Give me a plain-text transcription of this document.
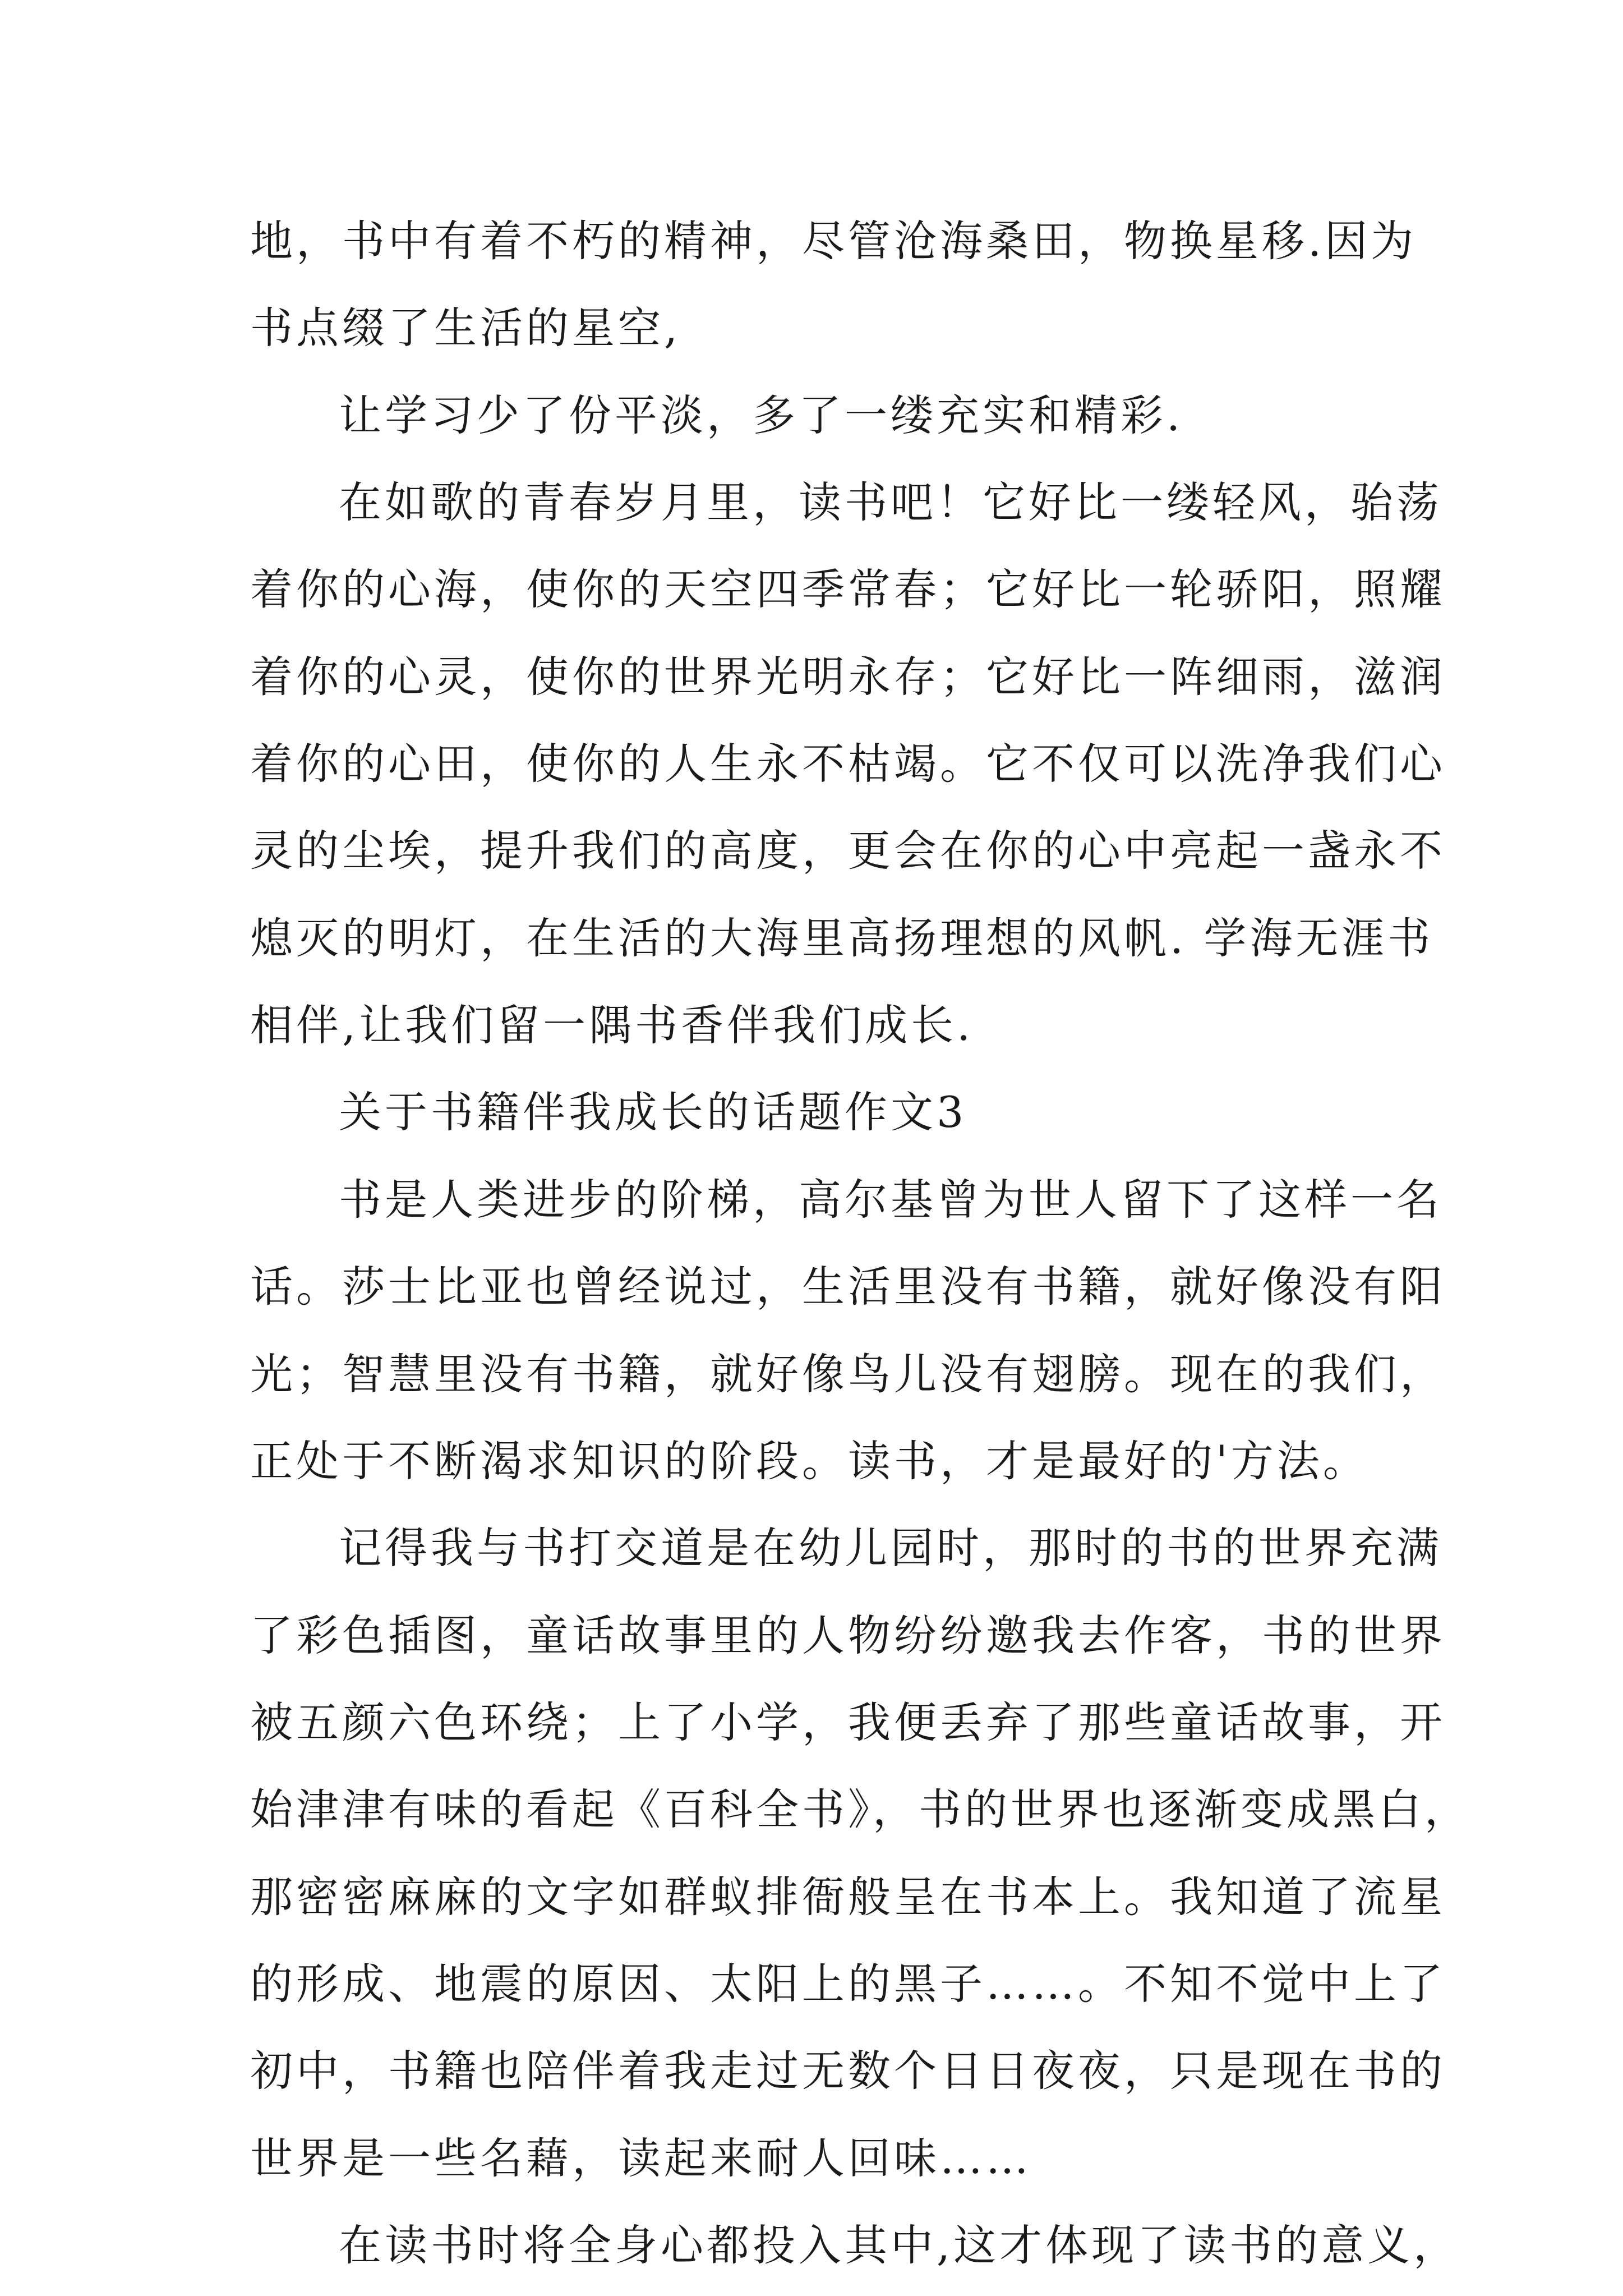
地，书中有着不朽的精神，尽管沧海桑田，物换星移.因为
书点缀了生活的星空,
让学习少了份平淡，多了一缕充实和精彩.
在如歌的青春岁月里，读书吧！它好比一缕轻风，骀荡
着你的心海，使你的天空四季常春；它好比一轮骄阳，照耀
着你的心灵，使你的世界光明永存；它好比一阵细雨，滋润
着你的心田，使你的人生永不枯竭。它不仅可以洗净我们心
灵的尘埃，提升我们的高度，更会在你的心中亮起一盏永不
熄灭的明灯，在生活的大海里高扬理想的风帆. 学海无涯书
相伴,让我们留一隅书香伴我们成长.
关于书籍伴我成长的话题作文3
书是人类进步的阶梯，高尔基曾为世人留下了这样一名
话。莎士比亚也曾经说过，生活里没有书籍，就好像没有阳
光；智慧里没有书籍，就好像鸟儿没有翅膀。现在的我们，
正处于不断渴求知识的阶段。读书，才是最好的'方法。
记得我与书打交道是在幼儿园时，那时的书的世界充满
了彩色插图，童话故事里的人物纷纷邀我去作客，书的世界
被五颜六色环绕；上了小学，我便丢弃了那些童话故事，开
始津津有味的看起《百科全书》，书的世界也逐渐变成黑白，
那密密麻麻的文字如群蚁排衙般呈在书本上。我知道了流星
的形成、地震的原因、太阳上的黑子……。不知不觉中上了
初中，书籍也陪伴着我走过无数个日日夜夜，只是现在书的
世界是一些名藉，读起来耐人回味……
在读书时将全身心都投入其中,这才体现了读书的意义，
